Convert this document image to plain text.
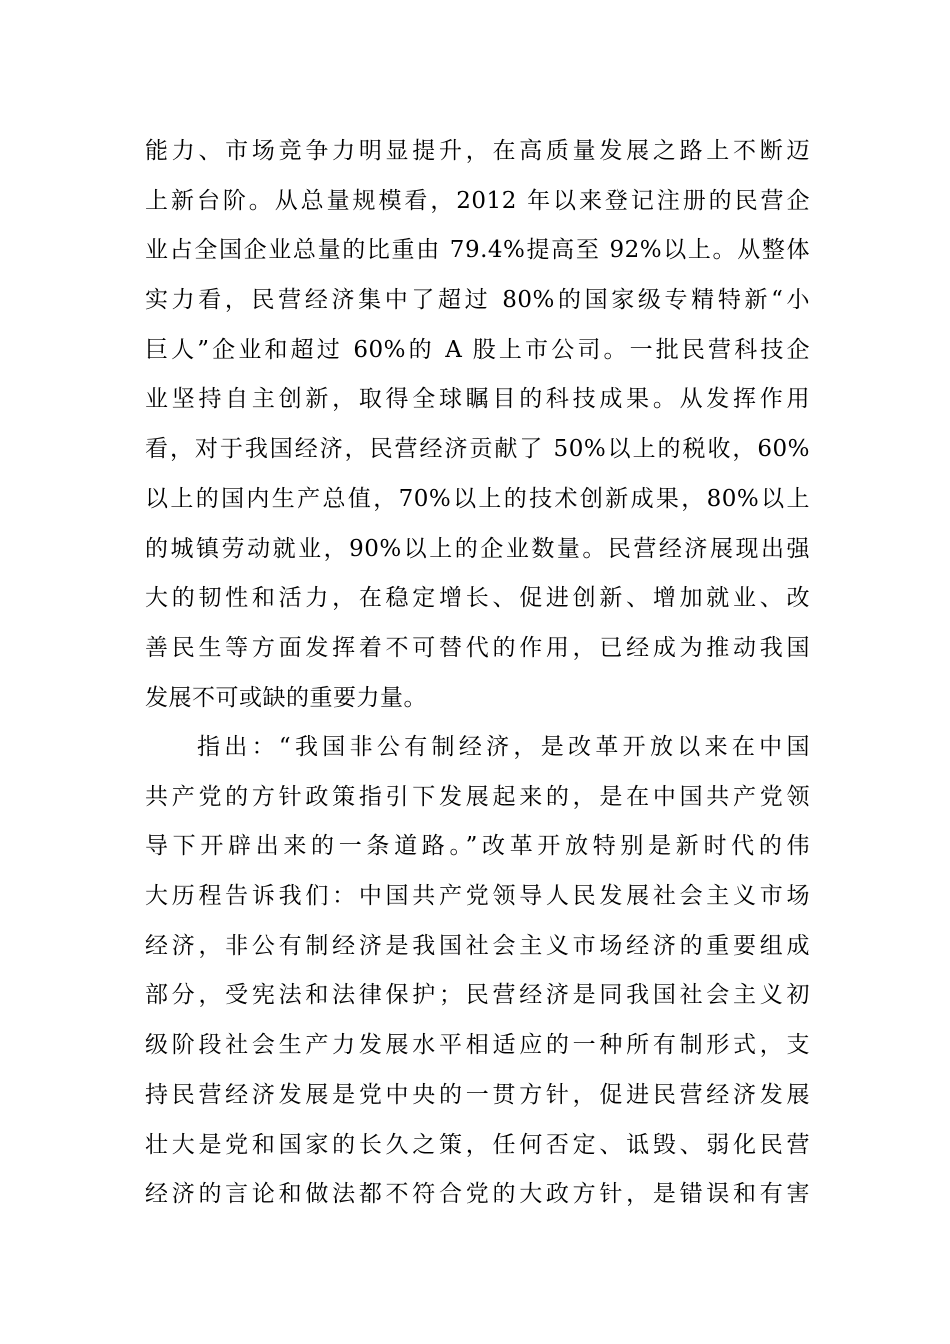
能力、市场竞争力明显提升，在高质量发展之路上不断迈
上新台阶。从总量规模看，2012 年以来登记注册的民营企
业占全国企业总量的比重由 79.4%提高至 92%以上。从整体
实力看，民营经济集中了超过 80%的国家级专精特新“小
巨人”企业和超过 60%的 A 股上市公司。一批民营科技企
业坚持自主创新，取得全球瞩目的科技成果。从发挥作用
看，对于我国经济，民营经济贡献了 50%以上的税收，60%
以上的国内生产总值，70%以上的技术创新成果，80%以上
的城镇劳动就业，90%以上的企业数量。民营经济展现出强
大的韧性和活力，在稳定增长、促进创新、增加就业、改
善民生等方面发挥着不可替代的作用，已经成为推动我国
发展不可或缺的重要力量。
指出：“我国非公有制经济，是改革开放以来在中国
共产党的方针政策指引下发展起来的，是在中国共产党领
导下开辟出来的一条道路。”改革开放特别是新时代的伟
大历程告诉我们：中国共产党领导人民发展社会主义市场
经济，非公有制经济是我国社会主义市场经济的重要组成
部分，受宪法和法律保护；民营经济是同我国社会主义初
级阶段社会生产力发展水平相适应的一种所有制形式，支
持民营经济发展是党中央的一贯方针，促进民营经济发展
壮大是党和国家的长久之策，任何否定、诋毁、弱化民营
经济的言论和做法都不符合党的大政方针，是错误和有害
